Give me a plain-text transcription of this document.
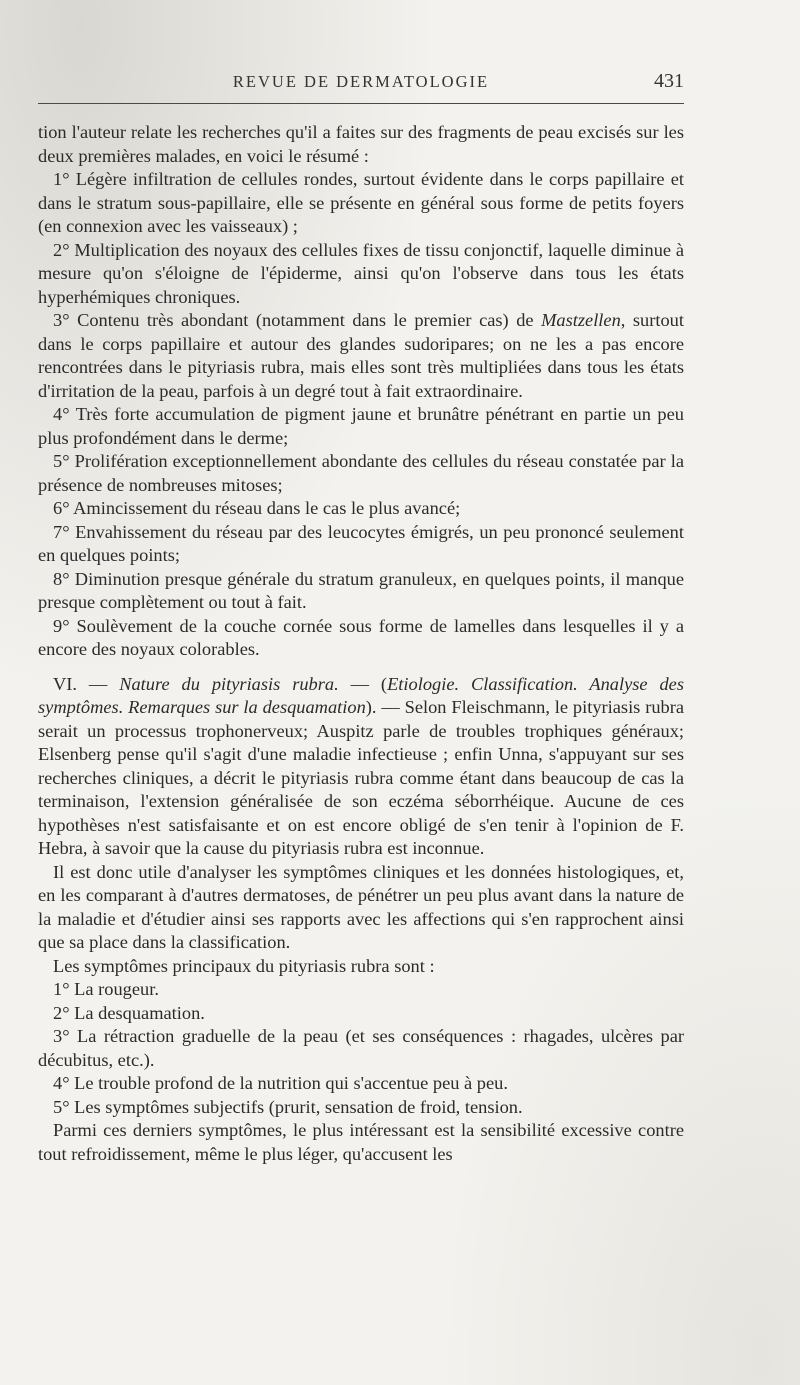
REVUE DE DERMATOLOGIE	431

tion l'auteur relate les recherches qu'il a faites sur des fragments de peau excisés sur les deux premières malades, en voici le résumé :

1° Légère infiltration de cellules rondes, surtout évidente dans le corps papillaire et dans le stratum sous-papillaire, elle se présente en général sous forme de petits foyers (en connexion avec les vaisseaux) ;

2° Multiplication des noyaux des cellules fixes de tissu conjonctif, laquelle diminue à mesure qu'on s'éloigne de l'épiderme, ainsi qu'on l'observe dans tous les états hyperhémiques chroniques.

3° Contenu très abondant (notamment dans le premier cas) de Mastzellen, surtout dans le corps papillaire et autour des glandes sudoripares; on ne les a pas encore rencontrées dans le pityriasis rubra, mais elles sont très multipliées dans tous les états d'irritation de la peau, parfois à un degré tout à fait extraordinaire.

4° Très forte accumulation de pigment jaune et brunâtre pénétrant en partie un peu plus profondément dans le derme;

5° Prolifération exceptionnellement abondante des cellules du réseau constatée par la présence de nombreuses mitoses;

6° Amincissement du réseau dans le cas le plus avancé;

7° Envahissement du réseau par des leucocytes émigrés, un peu prononcé seulement en quelques points;

8° Diminution presque générale du stratum granuleux, en quelques points, il manque presque complètement ou tout à fait.

9° Soulèvement de la couche cornée sous forme de lamelles dans lesquelles il y a encore des noyaux colorables.

VI. — Nature du pityriasis rubra. — (Etiologie. Classification. Analyse des symptômes. Remarques sur la desquamation). — Selon Fleischmann, le pityriasis rubra serait un processus trophonerveux; Auspitz parle de troubles trophiques généraux; Elsenberg pense qu'il s'agit d'une maladie infectieuse ; enfin Unna, s'appuyant sur ses recherches cliniques, a décrit le pityriasis rubra comme étant dans beaucoup de cas la terminaison, l'extension généralisée de son eczéma séborrhéique. Aucune de ces hypothèses n'est satisfaisante et on est encore obligé de s'en tenir à l'opinion de F. Hebra, à savoir que la cause du pityriasis rubra est inconnue.

Il est donc utile d'analyser les symptômes cliniques et les données histologiques, et, en les comparant à d'autres dermatoses, de pénétrer un peu plus avant dans la nature de la maladie et d'étudier ainsi ses rapports avec les affections qui s'en rapprochent ainsi que sa place dans la classification.

Les symptômes principaux du pityriasis rubra sont :

1° La rougeur.

2° La desquamation.

3° La rétraction graduelle de la peau (et ses conséquences : rhagades, ulcères par décubitus, etc.).

4° Le trouble profond de la nutrition qui s'accentue peu à peu.

5° Les symptômes subjectifs (prurit, sensation de froid, tension.

Parmi ces derniers symptômes, le plus intéressant est la sensibilité excessive contre tout refroidissement, même le plus léger, qu'accusent les
